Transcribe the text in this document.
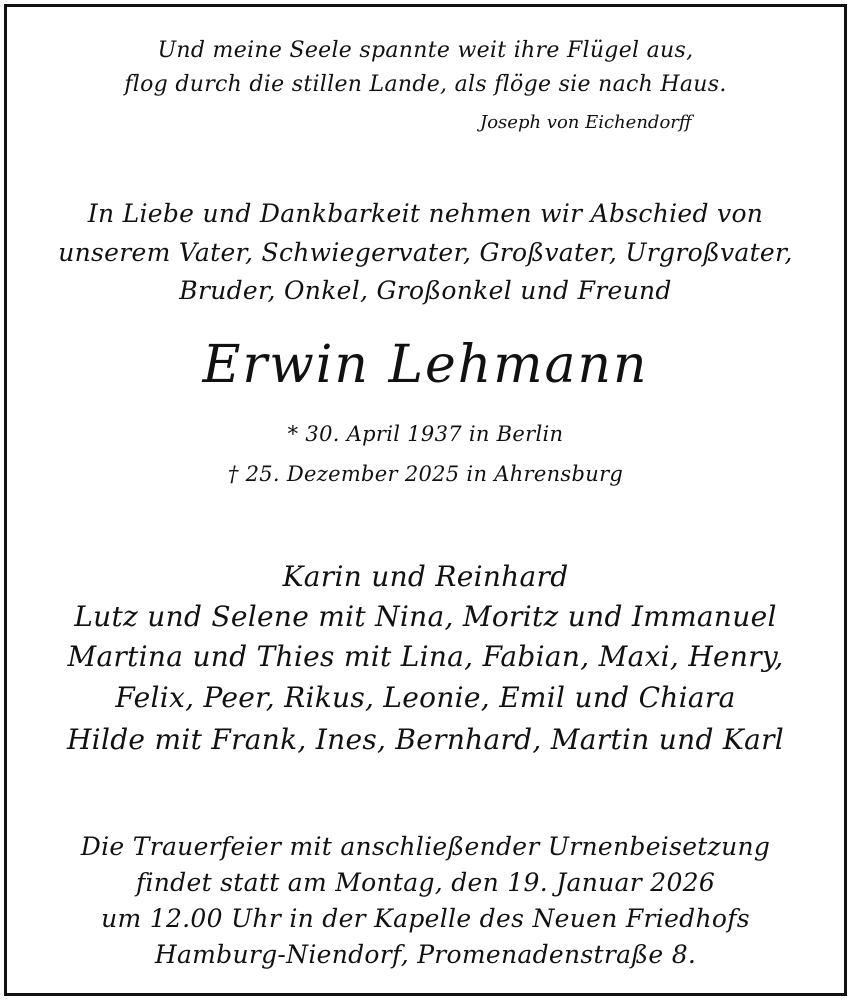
Und meine Seele spannte weit ihre Flügel aus,
flog durch die stillen Lande, als flöge sie nach Haus.
Joseph von Eichendorff
In Liebe und Dankbarkeit nehmen wir Abschied von
unserem Vater, Schwiegervater, Großvater, Urgroßvater,
Bruder, Onkel, Großonkel und Freund
Erwin Lehmann
* 30. April 1937 in Berlin
† 25. Dezember 2025 in Ahrensburg
Karin und Reinhard
Lutz und Selene mit Nina, Moritz und Immanuel
Martina und Thies mit Lina, Fabian, Maxi, Henry,
Felix, Peer, Rikus, Leonie, Emil und Chiara
Hilde mit Frank, Ines, Bernhard, Martin und Karl
Die Trauerfeier mit anschließender Urnenbeisetzung
findet statt am Montag, den 19. Januar 2026
um 12.00 Uhr in der Kapelle des Neuen Friedhofs
Hamburg-Niendorf, Promenadenstraße 8.
